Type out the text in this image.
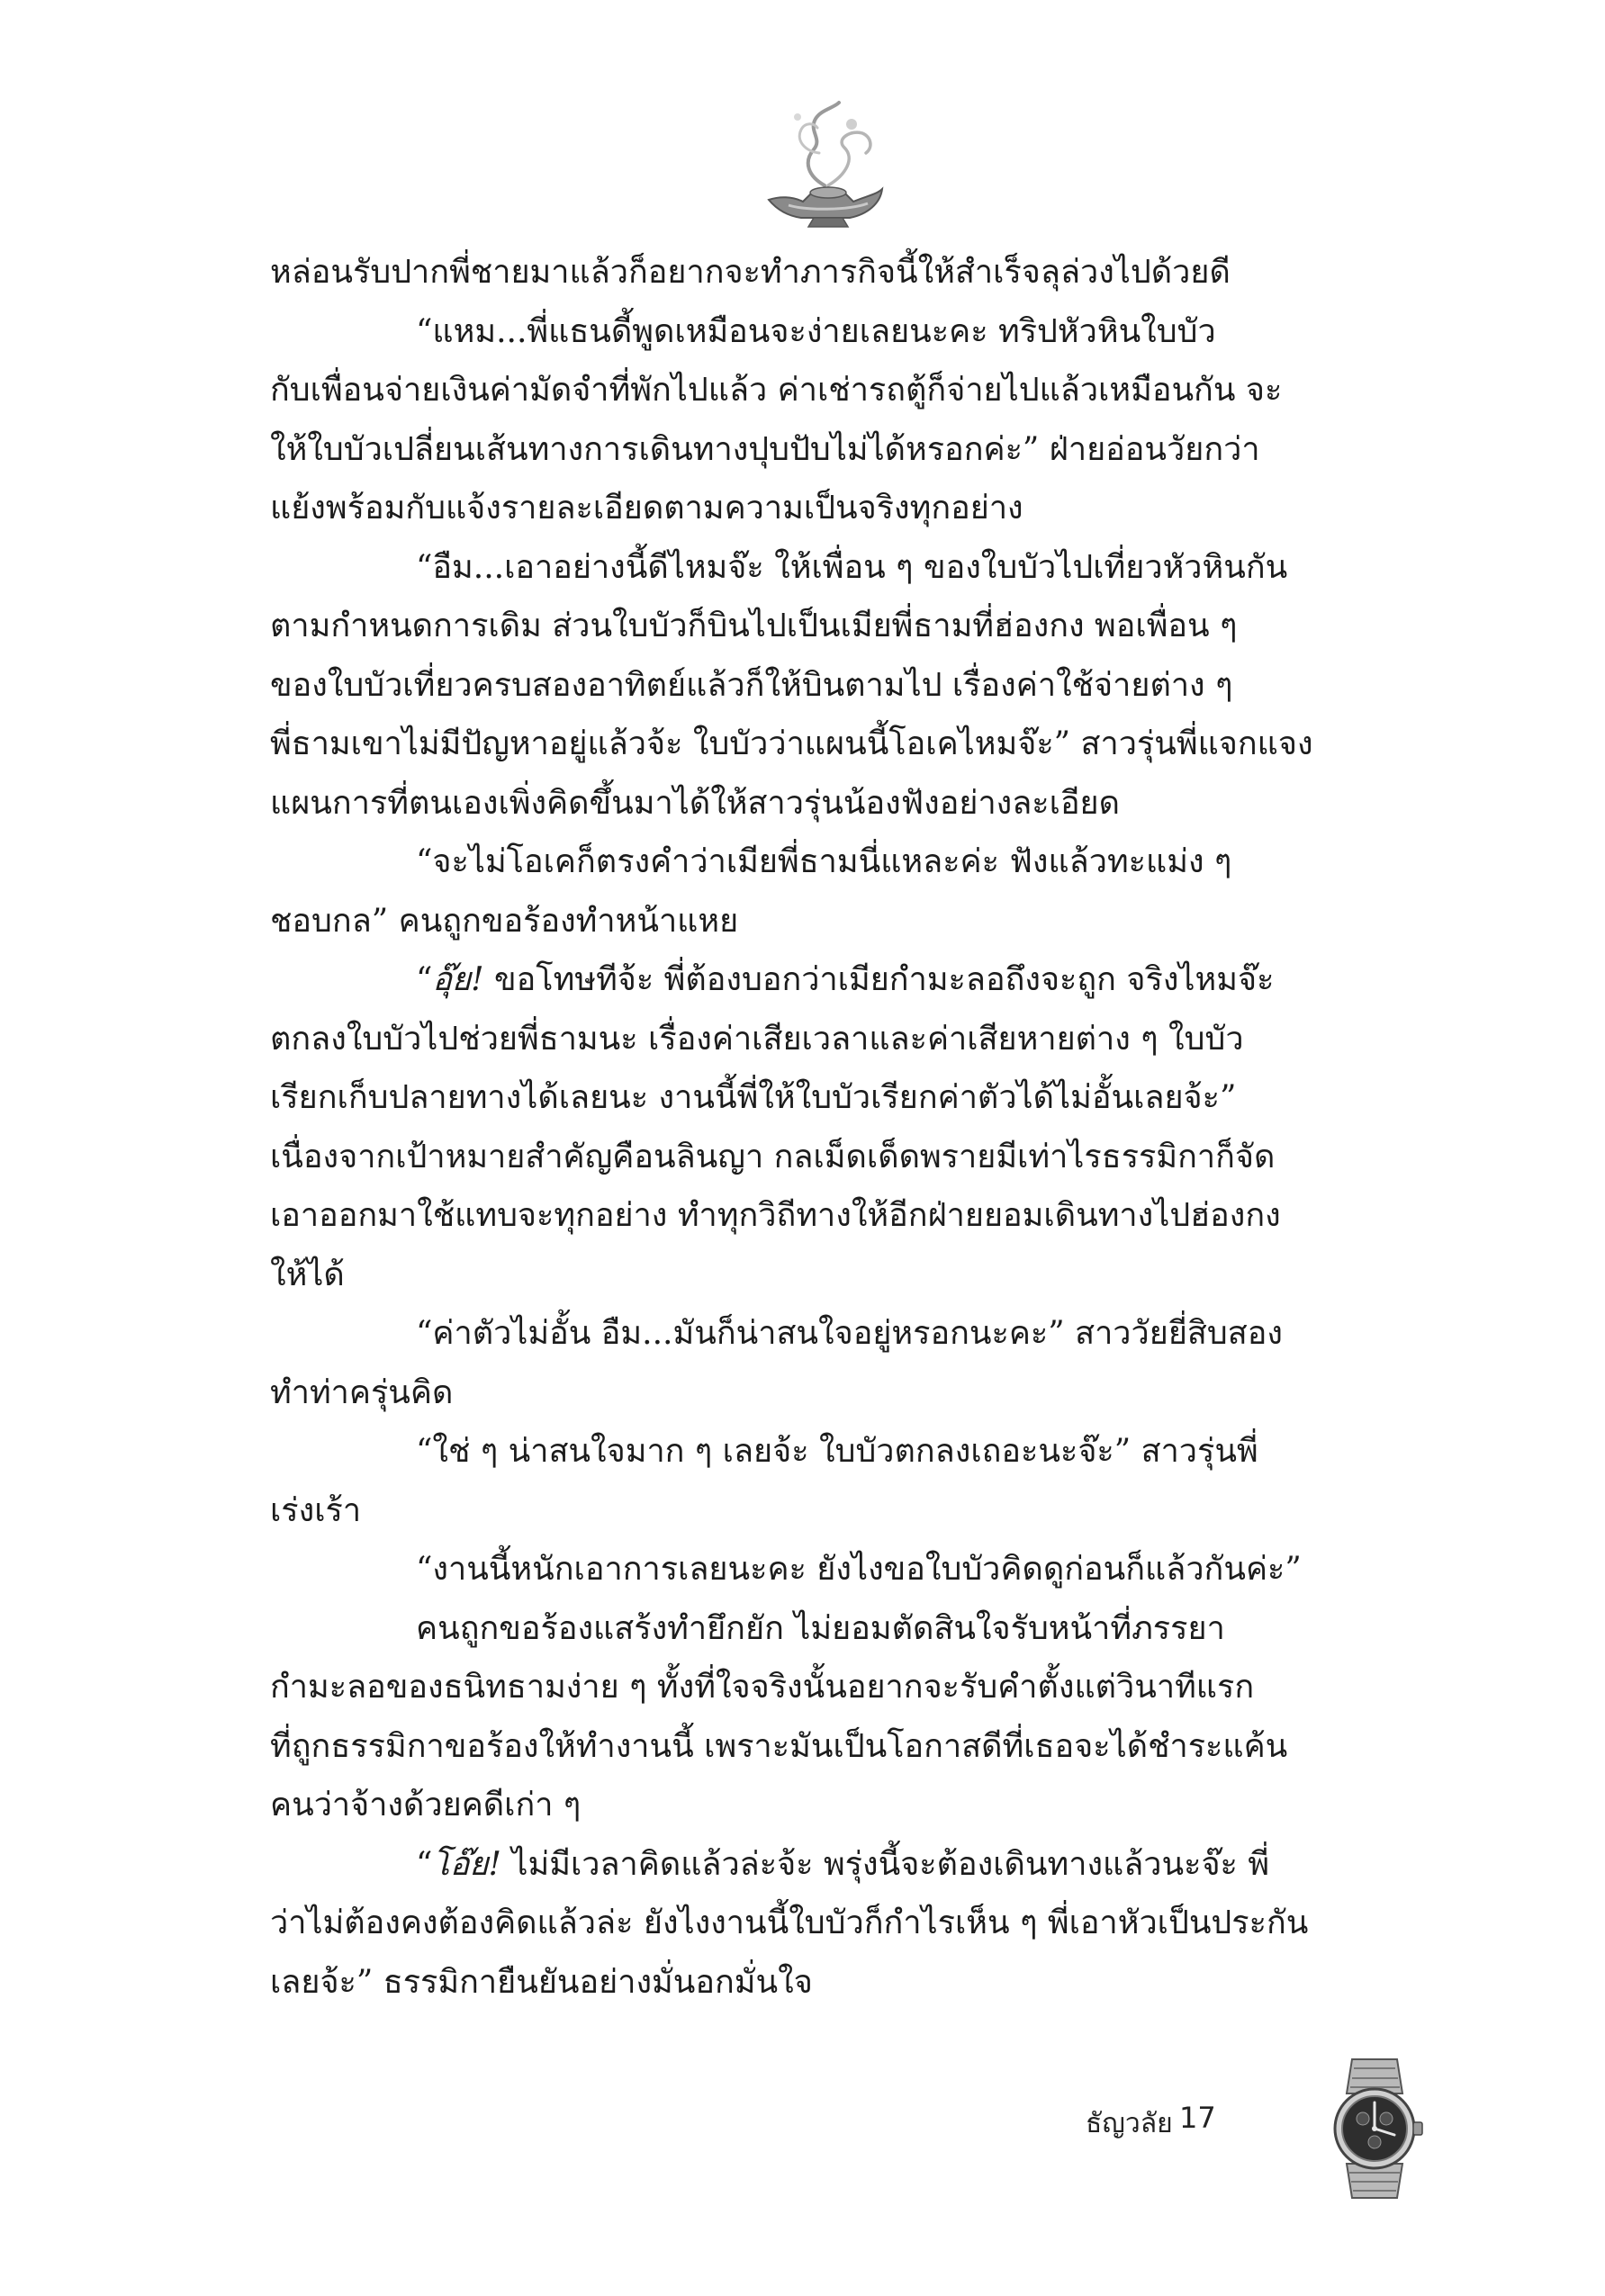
หล่อนรับปากพี่ชายมาแล้วก็อยากจะทำภารกิจนี้ให้สำเร็จลุล่วงไปด้วยดี
“แหม...พี่แธนดี้พูดเหมือนจะง่ายเลยนะคะ ทริปหัวหินใบบัว
กับเพื่อนจ่ายเงินค่ามัดจำที่พักไปแล้ว ค่าเช่ารถตู้ก็จ่ายไปแล้วเหมือนกัน จะ
ให้ใบบัวเปลี่ยนเส้นทางการเดินทางปุบปับไม่ได้หรอกค่ะ” ฝ่ายอ่อนวัยกว่า
แย้งพร้อมกับแจ้งรายละเอียดตามความเป็นจริงทุกอย่าง
“อืม...เอาอย่างนี้ดีไหมจ๊ะ ให้เพื่อน ๆ ของใบบัวไปเที่ยวหัวหินกัน
ตามกำหนดการเดิม ส่วนใบบัวก็บินไปเป็นเมียพี่ธามที่ฮ่องกง พอเพื่อน ๆ
ของใบบัวเที่ยวครบสองอาทิตย์แล้วก็ให้บินตามไป เรื่องค่าใช้จ่ายต่าง ๆ
พี่ธามเขาไม่มีปัญหาอยู่แล้วจ้ะ ใบบัวว่าแผนนี้โอเคไหมจ๊ะ” สาวรุ่นพี่แจกแจง
แผนการที่ตนเองเพิ่งคิดขึ้นมาได้ให้สาวรุ่นน้องฟังอย่างละเอียด
“จะไม่โอเคก็ตรงคำว่าเมียพี่ธามนี่แหละค่ะ ฟังแล้วทะแม่ง ๆ
ชอบกล” คนถูกขอร้องทำหน้าแหย
“อุ๊ย! ขอโทษทีจ้ะ พี่ต้องบอกว่าเมียกำมะลอถึงจะถูก จริงไหมจ๊ะ
ตกลงใบบัวไปช่วยพี่ธามนะ เรื่องค่าเสียเวลาและค่าเสียหายต่าง ๆ ใบบัว
เรียกเก็บปลายทางได้เลยนะ งานนี้พี่ให้ใบบัวเรียกค่าตัวได้ไม่อั้นเลยจ้ะ”
เนื่องจากเป้าหมายสำคัญคือนลินญา กลเม็ดเด็ดพรายมีเท่าไรธรรมิกาก็จัด
เอาออกมาใช้แทบจะทุกอย่าง ทำทุกวิถีทางให้อีกฝ่ายยอมเดินทางไปฮ่องกง
ให้ได้
“ค่าตัวไม่อั้น อืม...มันก็น่าสนใจอยู่หรอกนะคะ” สาววัยยี่สิบสอง
ทำท่าครุ่นคิด
“ใช่ ๆ น่าสนใจมาก ๆ เลยจ้ะ ใบบัวตกลงเถอะนะจ๊ะ” สาวรุ่นพี่
เร่งเร้า
“งานนี้หนักเอาการเลยนะคะ ยังไงขอใบบัวคิดดูก่อนก็แล้วกันค่ะ”
คนถูกขอร้องแสร้งทำยึกยัก ไม่ยอมตัดสินใจรับหน้าที่ภรรยา
กำมะลอของธนิทธามง่าย ๆ ทั้งที่ใจจริงนั้นอยากจะรับคำตั้งแต่วินาทีแรก
ที่ถูกธรรมิกาขอร้องให้ทำงานนี้ เพราะมันเป็นโอกาสดีที่เธอจะได้ชำระแค้น
คนว่าจ้างด้วยคดีเก่า ๆ
“โอ๊ย! ไม่มีเวลาคิดแล้วล่ะจ้ะ พรุ่งนี้จะต้องเดินทางแล้วนะจ๊ะ พี่
ว่าไม่ต้องคงต้องคิดแล้วล่ะ ยังไงงานนี้ใบบัวก็กำไรเห็น ๆ พี่เอาหัวเป็นประกัน
เลยจ้ะ” ธรรมิกายืนยันอย่างมั่นอกมั่นใจ
ธัญวลัย 17
